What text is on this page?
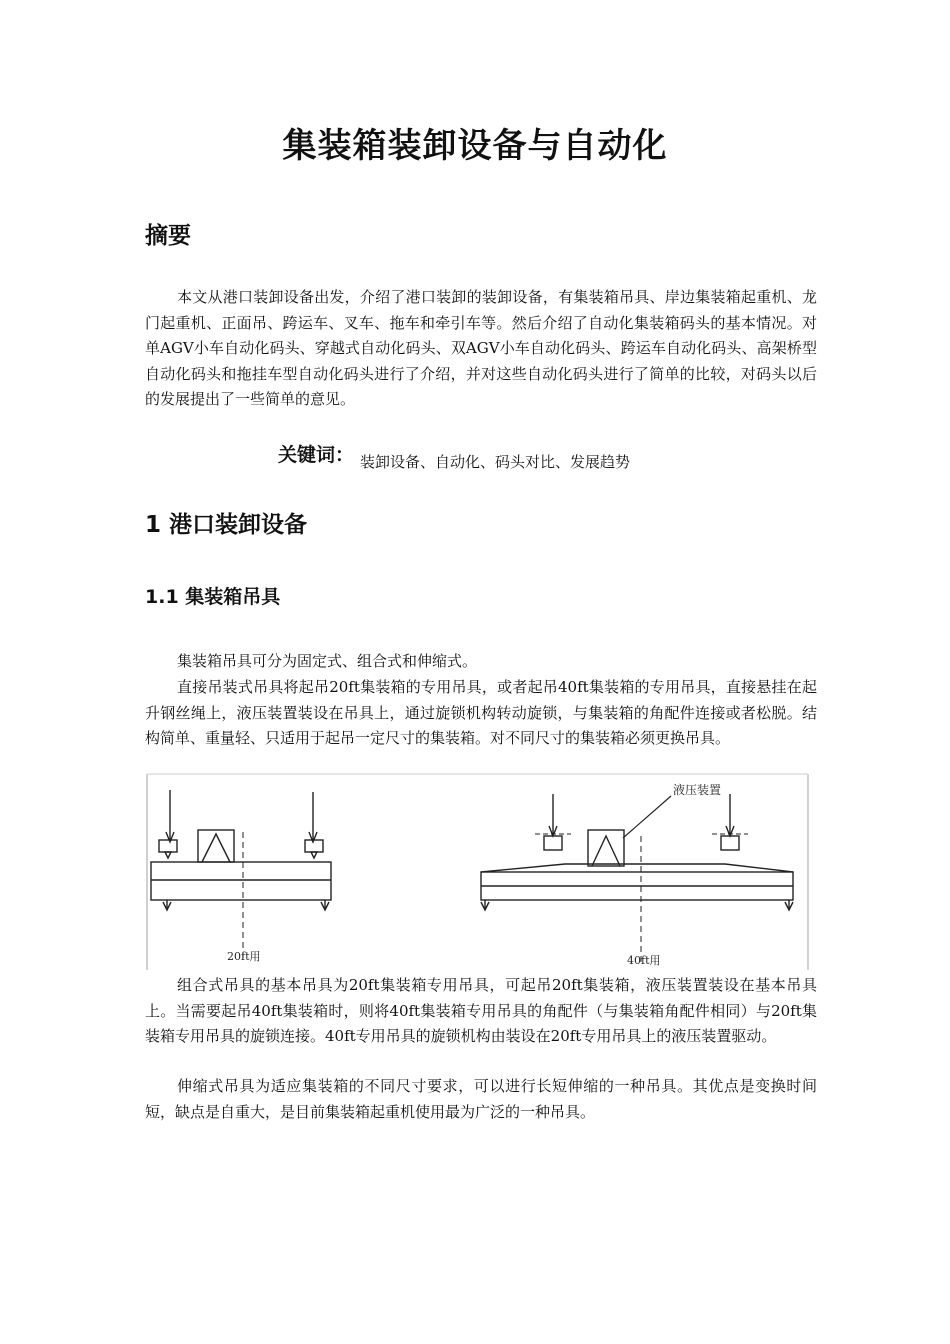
集装箱装卸设备与自动化
摘要

本文从港口装卸设备出发，介绍了港口装卸的装卸设备，有集装箱吊具、岸边集装箱起重机、龙门起重机、正面吊、跨运车、叉车、拖车和牵引车等。然后介绍了自动化集装箱码头的基本情况。对单AGV小车自动化码头、穿越式自动化码头、双AGV小车自动化码头、跨运车自动化码头、高架桥型自动化码头和拖挂车型自动化码头进行了介绍，并对这些自动化码头进行了简单的比较，对码头以后的发展提出了一些简单的意见。

关键词： 装卸设备、自动化、码头对比、发展趋势
1 港口装卸设备
1.1 集装箱吊具

集装箱吊具可分为固定式、组合式和伸缩式。

直接吊装式吊具将起吊20ft集装箱的专用吊具，或者起吊40ft集装箱的专用吊具，直接悬挂在起升钢丝绳上，液压装置装设在吊具上，通过旋锁机构转动旋锁，与集装箱的角配件连接或者松脱。结构简单、重量轻、只适用于起吊一定尺寸的集装箱。对不同尺寸的集装箱必须更换吊具。

20ft用	40ft用
液压装置

组合式吊具的基本吊具为20ft集装箱专用吊具，可起吊20ft集装箱，液压装置装设在基本吊具上。当需要起吊40ft集装箱时，则将40ft集装箱专用吊具的角配件（与集装箱角配件相同）与20ft集装箱专用吊具的旋锁连接。40ft专用吊具的旋锁机构由装设在20ft专用吊具上的液压装置驱动。

伸缩式吊具为适应集装箱的不同尺寸要求，可以进行长短伸缩的一种吊具。其优点是变换时间短，缺点是自重大，是目前集装箱起重机使用最为广泛的一种吊具。
